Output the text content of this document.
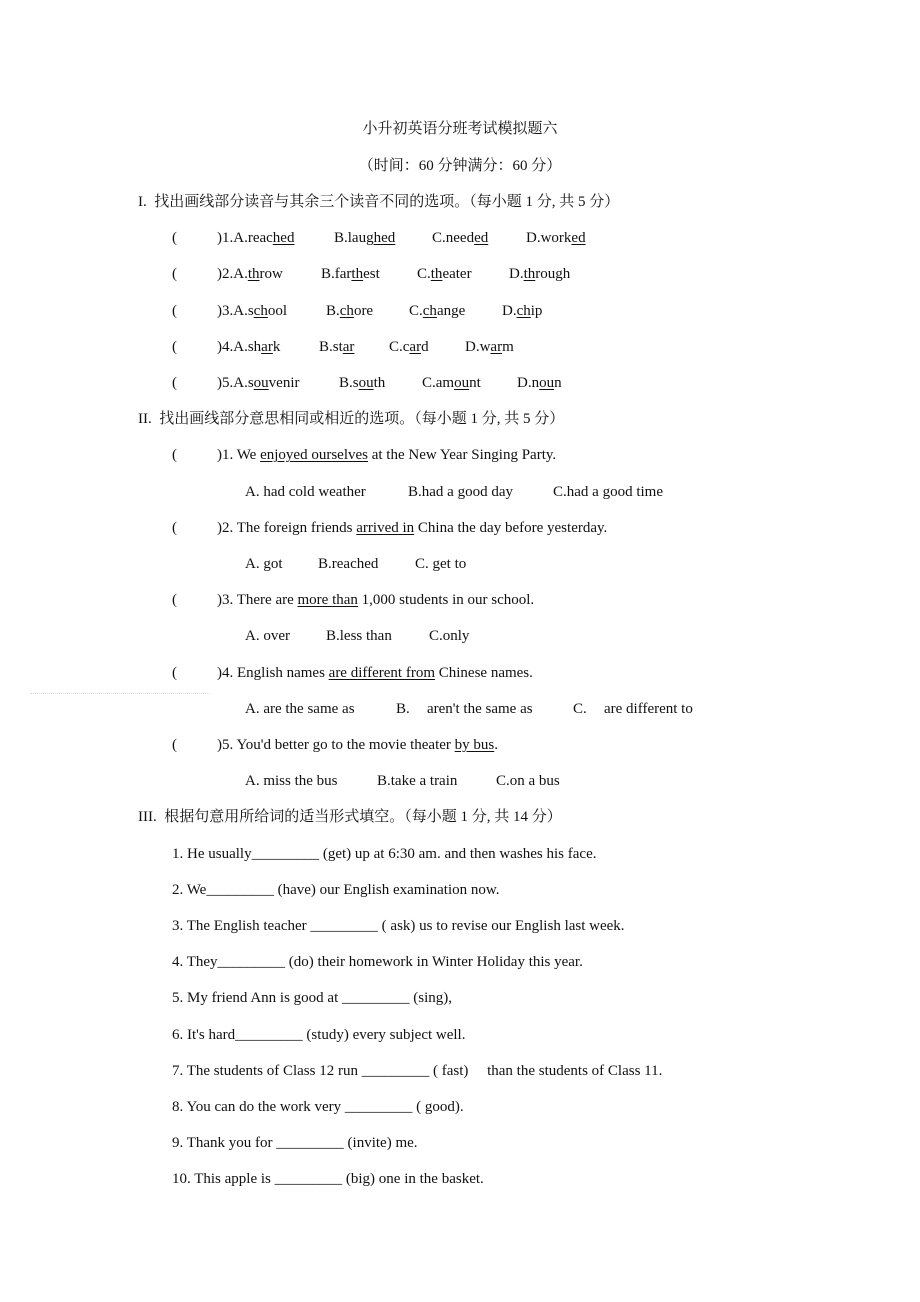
小升初英语分班考试模拟题六
（时间：60 分钟满分：60 分）
I.  找出画线部分读音与其余三个读音不同的选项。（每小题 1 分, 共 5 分）
(	)1.A.reached	B.laughed C.needed	D.worked
(	)2.A.throw	B.farthest C.theater D.through
(	)3.A.school	B.chore C.change D.chip
(	)4.A.shark	B.star C.card D.warm
(	)5.A.souvenir	B.south C.amount D.noun
II.  找出画线部分意思相同或相近的选项。（每小题 1 分, 共 5 分）
(	)1. We enjoyed ourselves at the New Year Singing Party.
A. had cold weather	B.had a good day	C.had a good time
(	)2. The foreign friends arrived in China the day before yesterday.
A. got B.reached C. get to
(	)3. There are more than 1,000 students in our school.
A. over B.less than C.only
(	)4. English names are different from Chinese names.
A. are the same as	B. aren't the same as	C. are different to
(	)5. You'd better go to the movie theater by bus.
A. miss the bus	B.take a train	C.on a bus
III.  根据句意用所给词的适当形式填空。（每小题 1 分, 共 14 分）
1. He usually_________ (get) up at 6:30 am. and then washes his face.
2. We_________ (have) our English examination now.
3. The English teacher _________ ( ask) us to revise our English last week.
4. They_________ (do) their homework in Winter Holiday this year.
5. My friend Ann is good at _________ (sing),
6. It's hard_________ (study) every subject well.
7. The students of Class 12 run _________ ( fast)     than the students of Class 11.
8. You can do the work very _________ ( good).
9. Thank you for _________ (invite) me.
10. This apple is _________ (big) one in the basket.
